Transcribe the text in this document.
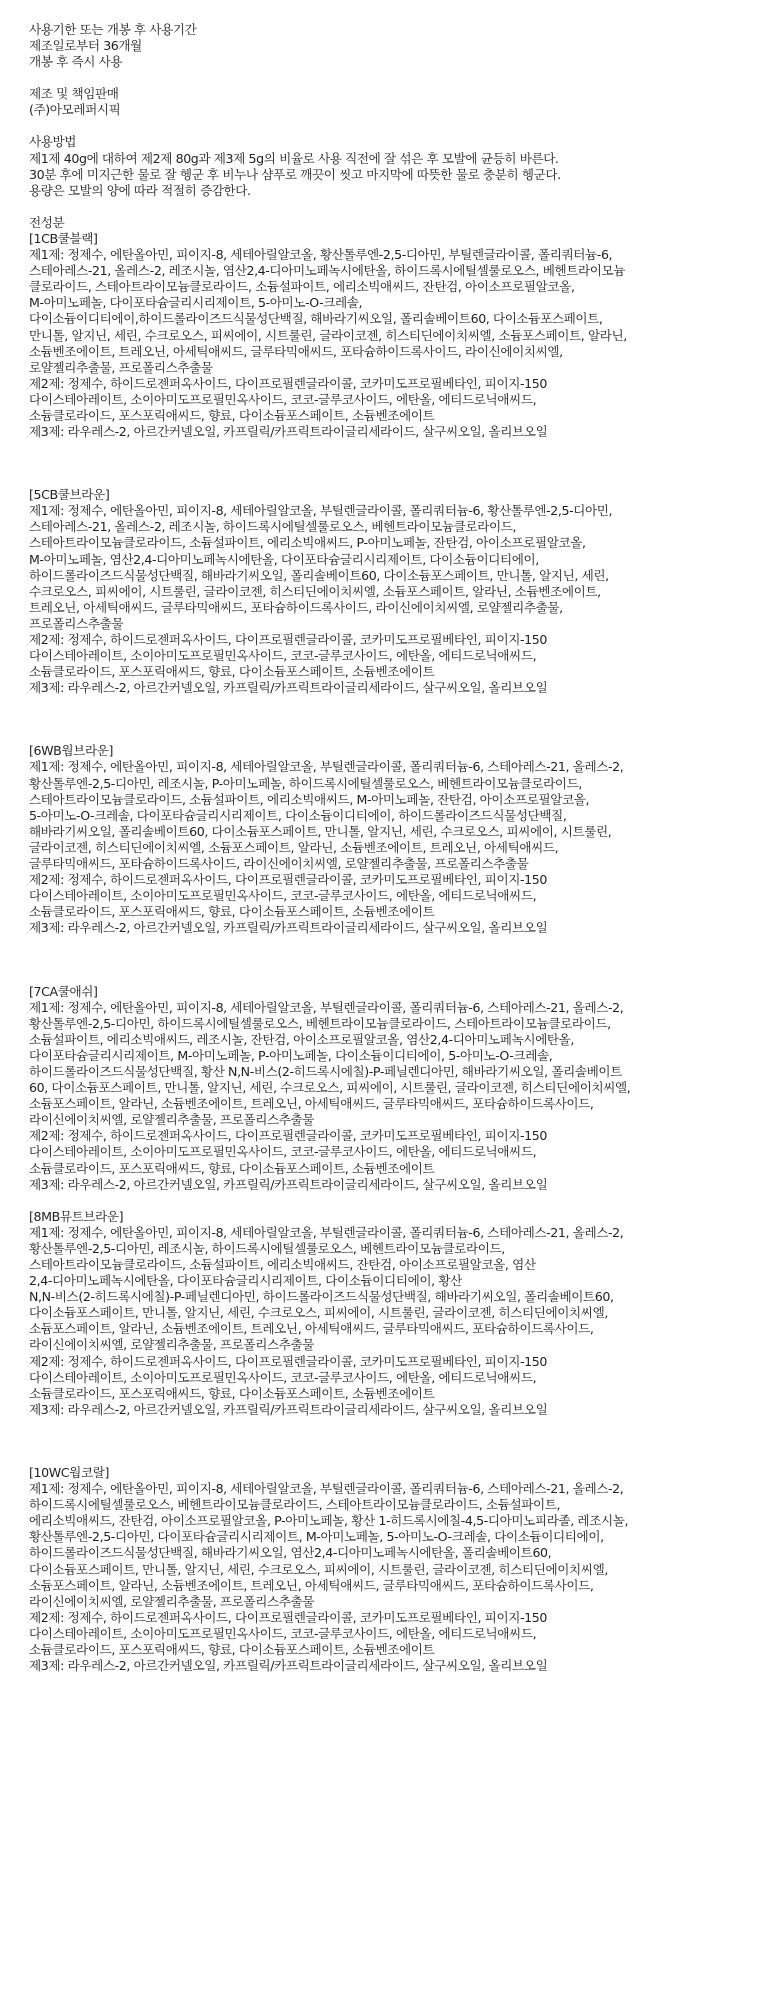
사용기한 또는 개봉 후 사용기간
제조일로부터 36개월
개봉 후 즉시 사용
제조 및 책임판매
(주)아모레퍼시픽
사용방법
제1제 40g에 대하여 제2제 80g과 제3제 5g의 비율로 사용 직전에 잘 섞은 후 모발에 균등히 바른다.
30분 후에 미지근한 물로 잘 헹군 후 비누나 샴푸로 깨끗이 씻고 마지막에 따뜻한 물로 충분히 헹군다.
용량은 모발의 양에 따라 적절히 증감한다.
전성분
[1CB쿨블랙]
제1제: 정제수, 에탄올아민, 피이지-8, 세테아릴알코올, 황산톨루엔-2,5-디아민, 부틸렌글라이콜, 폴리쿼터늄-6,
스테아레스-21, 올레스-2, 레조시놀, 염산2,4-디아미노페녹시에탄올, 하이드록시에틸셀룰로오스, 베헨트라이모늄
클로라이드, 스테아트라이모늄클로라이드, 소듐설파이트, 에리소빅애씨드, 잔탄검, 아이소프로필알코올,
M-아미노페놀, 다이포타슘글리시리제이트, 5-아미노-O-크레솔,
다이소듐이디티에이,하이드롤라이즈드식물성단백질, 해바라기씨오일, 폴리솔베이트60, 다이소듐포스페이트,
만니톨, 알지닌, 세린, 수크로오스, 피씨에이, 시트룰린, 글라이코젠, 히스티딘에이치씨엘, 소듐포스페이트, 알라닌,
소듐벤조에이트, 트레오닌, 아세틱애씨드, 글루타믹애씨드, 포타슘하이드록사이드, 라이신에이치씨엘,
로얄젤리추출물, 프로폴리스추출물
제2제: 정제수, 하이드로젠퍼옥사이드, 다이프로필렌글라이콜, 코카미도프로필베타인, 피이지-150
다이스테아레이트, 소이아미도프로필민옥사이드, 코코-글루코사이드, 에탄올, 에티드로닉애씨드,
소듐클로라이드, 포스포릭애씨드, 향료, 다이소듐포스페이트, 소듐벤조에이트
제3제: 라우레스-2, 아르간커넬오일, 카프릴릭/카프릭트라이글리세라이드, 살구씨오일, 올리브오일
[5CB쿨브라운]
제1제: 정제수, 에탄올아민, 피이지-8, 세테아릴알코올, 부틸렌글라이콜, 폴리쿼터늄-6, 황산톨루엔-2,5-디아민,
스테아레스-21, 올레스-2, 레조시놀, 하이드록시에틸셀룰로오스, 베헨트라이모늄클로라이드,
스테아트라이모늄클로라이드, 소듐설파이트, 에리소빅애씨드, P-아미노페놀, 잔탄검, 아이소프로필알코올,
M-아미노페놀, 염산2,4-디아미노페녹시에탄올, 다이포타슘글리시리제이트, 다이소듐이디티에이,
하이드롤라이즈드식물성단백질, 해바라기씨오일, 폴리솔베이트60, 다이소듐포스페이트, 만니톨, 알지닌, 세린,
수크로오스, 피씨에이, 시트룰린, 글라이코젠, 히스티딘에이치씨엘, 소듐포스페이트, 알라닌, 소듐벤조에이트,
트레오닌, 아세틱애씨드, 글루타믹애씨드, 포타슘하이드록사이드, 라이신에이치씨엘, 로얄젤리추출물,
프로폴리스추출물
제2제: 정제수, 하이드로젠퍼옥사이드, 다이프로필렌글라이콜, 코카미도프로필베타인, 피이지-150
다이스테아레이트, 소이아미도프로필민옥사이드, 코코-글루코사이드, 에탄올, 에티드로닉애씨드,
소듐클로라이드, 포스포릭애씨드, 향료, 다이소듐포스페이트, 소듐벤조에이트
제3제: 라우레스-2, 아르간커넬오일, 카프릴릭/카프릭트라이글리세라이드, 살구씨오일, 올리브오일
[6WB웜브라운]
제1제: 정제수, 에탄올아민, 피이지-8, 세테아릴알코올, 부틸렌글라이콜, 폴리쿼터늄-6, 스테아레스-21, 올레스-2,
황산톨루엔-2,5-디아민, 레조시놀, P-아미노페놀, 하이드록시에틸셀룰로오스, 베헨트라이모늄클로라이드,
스테아트라이모늄클로라이드, 소듐설파이트, 에리소빅애씨드, M-아미노페놀, 잔탄검, 아이소프로필알코올,
5-아미노-O-크레솔, 다이포타슘글리시리제이트, 다이소듐이디티에이, 하이드롤라이즈드식물성단백질,
해바라기씨오일, 폴리솔베이트60, 다이소듐포스페이트, 만니톨, 알지닌, 세린, 수크로오스, 피씨에이, 시트룰린,
글라이코젠, 히스티딘에이치씨엘, 소듐포스페이트, 알라닌, 소듐벤조에이트, 트레오닌, 아세틱애씨드,
글루타믹애씨드, 포타슘하이드록사이드, 라이신에이치씨엘, 로얄젤리추출물, 프로폴리스추출물
제2제: 정제수, 하이드로젠퍼옥사이드, 다이프로필렌글라이콜, 코카미도프로필베타인, 피이지-150
다이스테아레이트, 소이아미도프로필민옥사이드, 코코-글루코사이드, 에탄올, 에티드로닉애씨드,
소듐클로라이드, 포스포릭애씨드, 향료, 다이소듐포스페이트, 소듐벤조에이트
제3제: 라우레스-2, 아르간커넬오일, 카프릴릭/카프릭트라이글리세라이드, 살구씨오일, 올리브오일
[7CA쿨애쉬]
제1제: 정제수, 에탄올아민, 피이지-8, 세테아릴알코올, 부틸렌글라이콜, 폴리쿼터늄-6, 스테아레스-21, 올레스-2,
황산톨루엔-2,5-디아민, 하이드록시에틸셀룰로오스, 베헨트라이모늄클로라이드, 스테아트라이모늄클로라이드,
소듐설파이트, 에리소빅애씨드, 레조시놀, 잔탄검, 아이소프로필알코올, 염산2,4-디아미노페녹시에탄올,
다이포타슘글리시리제이트, M-아미노페놀, P-아미노페놀, 다이소듐이디티에이, 5-아미노-O-크레솔,
하이드롤라이즈드식물성단백질, 황산 N,N-비스(2-히드록시에칠)-P-페닐렌디아민, 해바라기씨오일, 폴리솔베이트
60, 다이소듐포스페이트, 만니톨, 알지닌, 세린, 수크로오스, 피씨에이, 시트룰린, 글라이코젠, 히스티딘에이치씨엘,
소듐포스페이트, 알라닌, 소듐벤조에이트, 트레오닌, 아세틱애씨드, 글루타믹애씨드, 포타슘하이드록사이드,
라이신에이치씨엘, 로얄젤리추출물, 프로폴리스추출물
제2제: 정제수, 하이드로젠퍼옥사이드, 다이프로필렌글라이콜, 코카미도프로필베타인, 피이지-150
다이스테아레이트, 소이아미도프로필민옥사이드, 코코-글루코사이드, 에탄올, 에티드로닉애씨드,
소듐클로라이드, 포스포릭애씨드, 향료, 다이소듐포스페이트, 소듐벤조에이트
제3제: 라우레스-2, 아르간커넬오일, 카프릴릭/카프릭트라이글리세라이드, 살구씨오일, 올리브오일
[8MB뮤트브라운]
제1제: 정제수, 에탄올아민, 피이지-8, 세테아릴알코올, 부틸렌글라이콜, 폴리쿼터늄-6, 스테아레스-21, 올레스-2,
황산톨루엔-2,5-디아민, 레조시놀, 하이드록시에틸셀룰로오스, 베헨트라이모늄클로라이드,
스테아트라이모늄클로라이드, 소듐설파이트, 에리소빅애씨드, 잔탄검, 아이소프로필알코올, 염산
2,4-디아미노페녹시에탄올, 다이포타슘글리시리제이트, 다이소듐이디티에이, 황산
N,N-비스(2-히드록시에칠)-P-페닐렌디아민, 하이드롤라이즈드식물성단백질, 해바라기씨오일, 폴리솔베이트60,
다이소듐포스페이트, 만니톨, 알지닌, 세린, 수크로오스, 피씨에이, 시트룰린, 글라이코젠, 히스티딘에이치씨엘,
소듐포스페이트, 알라닌, 소듐벤조에이트, 트레오닌, 아세틱애씨드, 글루타믹애씨드, 포타슘하이드록사이드,
라이신에이치씨엘, 로얄젤리추출물, 프로폴리스추출물
제2제: 정제수, 하이드로젠퍼옥사이드, 다이프로필렌글라이콜, 코카미도프로필베타인, 피이지-150
다이스테아레이트, 소이아미도프로필민옥사이드, 코코-글루코사이드, 에탄올, 에티드로닉애씨드,
소듐클로라이드, 포스포릭애씨드, 향료, 다이소듐포스페이트, 소듐벤조에이트
제3제: 라우레스-2, 아르간커넬오일, 카프릴릭/카프릭트라이글리세라이드, 살구씨오일, 올리브오일
[10WC웜코랄]
제1제: 정제수, 에탄올아민, 피이지-8, 세테아릴알코올, 부틸렌글라이콜, 폴리쿼터늄-6, 스테아레스-21, 올레스-2,
하이드록시에틸셀룰로오스, 베헨트라이모늄클로라이드, 스테아트라이모늄클로라이드, 소듐설파이트,
에리소빅애씨드, 잔탄검, 아이소프로필알코올, P-아미노페놀, 황산 1-히드록시에칠-4,5-디아미노피라졸, 레조시놀,
황산톨루엔-2,5-디아민, 다이포타슘글리시리제이트, M-아미노페놀, 5-아미노-O-크레솔, 다이소듐이디티에이,
하이드롤라이즈드식물성단백질, 해바라기씨오일, 염산2,4-디아미노페녹시에탄올, 폴리솔베이트60,
다이소듐포스페이트, 만니톨, 알지닌, 세린, 수크로오스, 피씨에이, 시트룰린, 글라이코젠, 히스티딘에이치씨엘,
소듐포스페이트, 알라닌, 소듐벤조에이트, 트레오닌, 아세틱애씨드, 글루타믹애씨드, 포타슘하이드록사이드,
라이신에이치씨엘, 로얄젤리추출물, 프로폴리스추출물
제2제: 정제수, 하이드로젠퍼옥사이드, 다이프로필렌글라이콜, 코카미도프로필베타인, 피이지-150
다이스테아레이트, 소이아미도프로필민옥사이드, 코코-글루코사이드, 에탄올, 에티드로닉애씨드,
소듐클로라이드, 포스포릭애씨드, 향료, 다이소듐포스페이트, 소듐벤조에이트
제3제: 라우레스-2, 아르간커넬오일, 카프릴릭/카프릭트라이글리세라이드, 살구씨오일, 올리브오일
